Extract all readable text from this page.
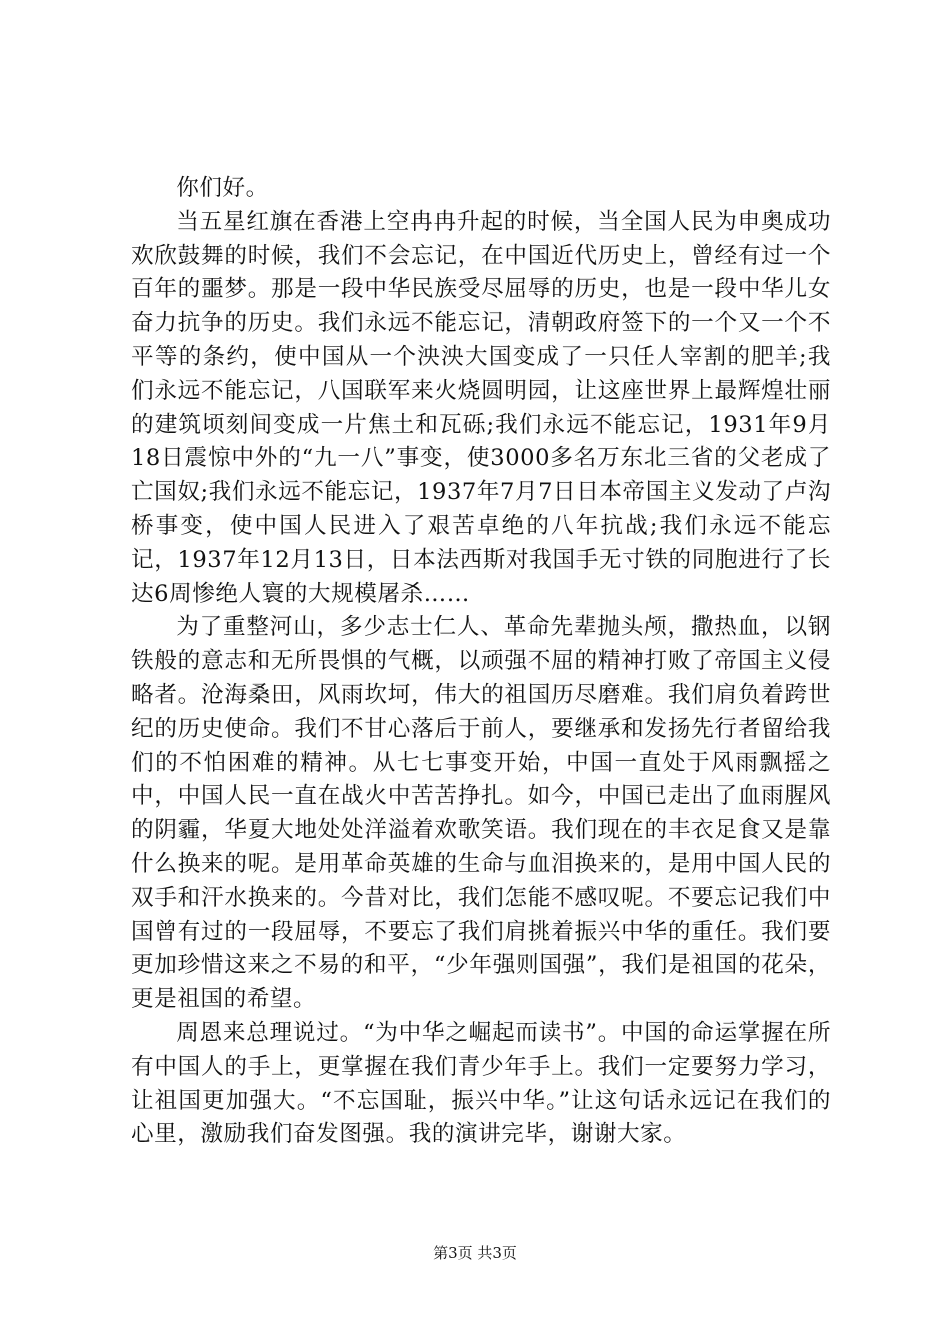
你们好。

当五星红旗在香港上空冉冉升起的时候，当全国人民为申奥成功欢欣鼓舞的时候，我们不会忘记，在中国近代历史上，曾经有过一个百年的噩梦。那是一段中华民族受尽屈辱的历史，也是一段中华儿女奋力抗争的历史。我们永远不能忘记，清朝政府签下的一个又一个不平等的条约，使中国从一个泱泱大国变成了一只任人宰割的肥羊;我们永远不能忘记，八国联军来火烧圆明园，让这座世界上最辉煌壮丽的建筑顷刻间变成一片焦土和瓦砾;我们永远不能忘记，1931年9月18日震惊中外的“九一八”事变，使3000多名万东北三省的父老成了亡国奴;我们永远不能忘记，1937年7月7日日本帝国主义发动了卢沟桥事变，使中国人民进入了艰苦卓绝的八年抗战;我们永远不能忘记，1937年12月13日，日本法西斯对我国手无寸铁的同胞进行了长达6周惨绝人寰的大规模屠杀……

为了重整河山，多少志士仁人、革命先辈抛头颅，撒热血，以钢铁般的意志和无所畏惧的气概，以顽强不屈的精神打败了帝国主义侵略者。沧海桑田，风雨坎坷，伟大的祖国历尽磨难。我们肩负着跨世纪的历史使命。我们不甘心落后于前人，要继承和发扬先行者留给我们的不怕困难的精神。从七七事变开始，中国一直处于风雨飘摇之中，中国人民一直在战火中苦苦挣扎。如今，中国已走出了血雨腥风的阴霾，华夏大地处处洋溢着欢歌笑语。我们现在的丰衣足食又是靠什么换来的呢。是用革命英雄的生命与血泪换来的，是用中国人民的双手和汗水换来的。今昔对比，我们怎能不感叹呢。不要忘记我们中国曾有过的一段屈辱，不要忘了我们肩挑着振兴中华的重任。我们要更加珍惜这来之不易的和平，“少年强则国强”，我们是祖国的花朵，更是祖国的希望。

周恩来总理说过。“为中华之崛起而读书”。中国的命运掌握在所有中国人的手上，更掌握在我们青少年手上。我们一定要努力学习，让祖国更加强大。“不忘国耻，振兴中华。”让这句话永远记在我们的心里，激励我们奋发图强。我的演讲完毕，谢谢大家。

第3页 共3页
